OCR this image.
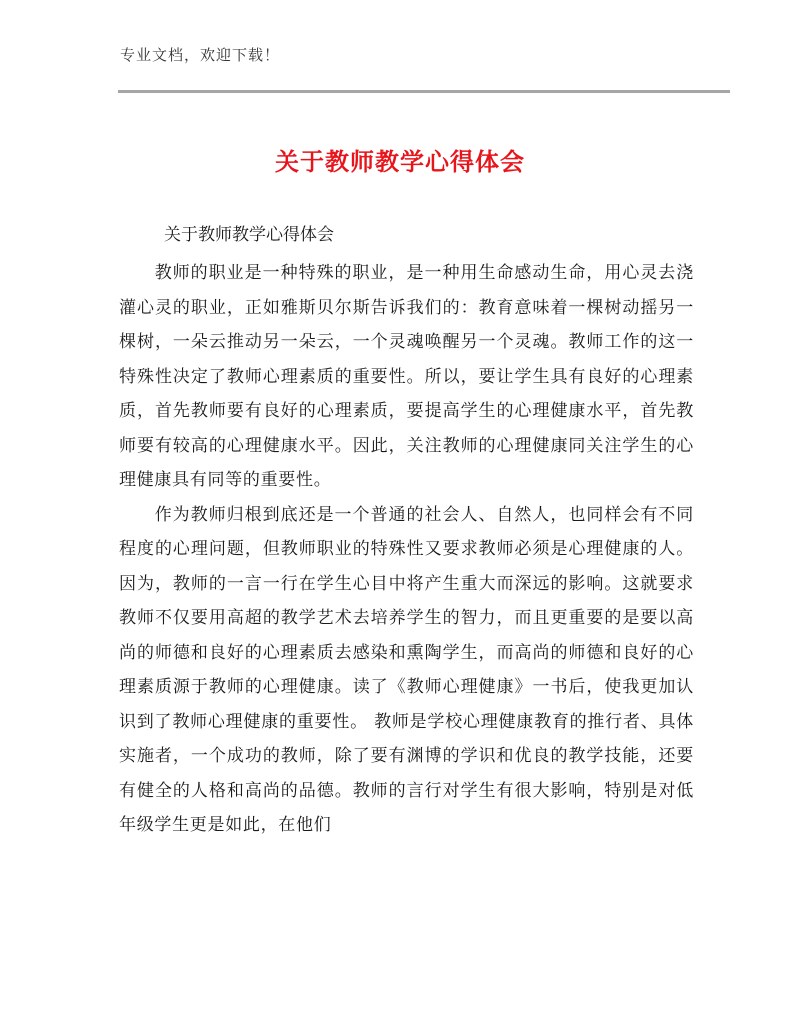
专业文档，欢迎下载！
关于教师教学心得体会
关于教师教学心得体会

教师的职业是一种特殊的职业，是一种用生命感动生命，用心灵去浇灌心灵的职业，正如雅斯贝尔斯告诉我们的：教育意味着一棵树动摇另一棵树，一朵云推动另一朵云，一个灵魂唤醒另一个灵魂。教师工作的这一特殊性决定了教师心理素质的重要性。所以，要让学生具有良好的心理素质，首先教师要有良好的心理素质，要提高学生的心理健康水平，首先教师要有较高的心理健康水平。因此，关注教师的心理健康同关注学生的心理健康具有同等的重要性。

作为教师归根到底还是一个普通的社会人、自然人，也同样会有不同程度的心理问题，但教师职业的特殊性又要求教师必须是心理健康的人。因为，教师的一言一行在学生心目中将产生重大而深远的影响。这就要求教师不仅要用高超的教学艺术去培养学生的智力，而且更重要的是要以高尚的师德和良好的心理素质去感染和熏陶学生，而高尚的师德和良好的心理素质源于教师的心理健康。读了《教师心理健康》一书后，使我更加认识到了教师心理健康的重要性。 教师是学校心理健康教育的推行者、具体实施者，一个成功的教师，除了要有渊博的学识和优良的教学技能，还要有健全的人格和高尚的品德。教师的言行对学生有很大影响，特别是对低年级学生更是如此，在他们
